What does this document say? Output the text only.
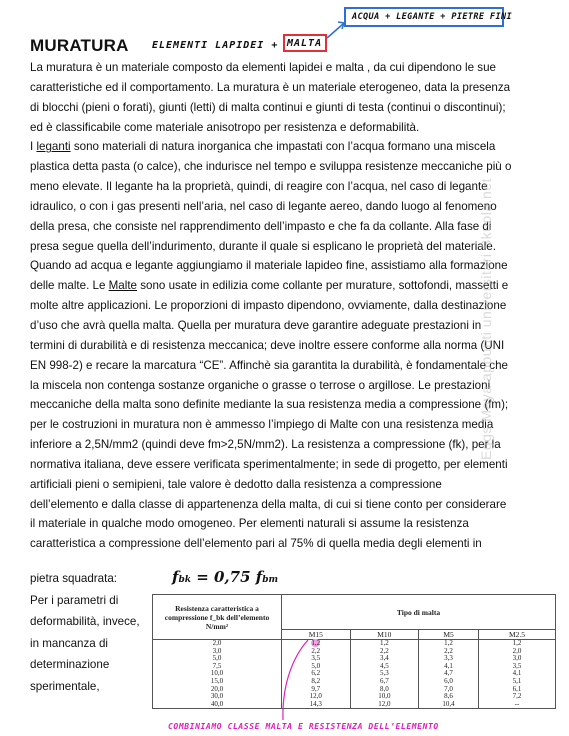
MURATURA ELEMENTI LAPIDEI + MALTA
ACQUA + LEGANTE + PIETRE FINI
La muratura è un materiale composto da elementi lapidei e malta , da cui dipendono le sue
caratteristiche ed il comportamento. La muratura è un materiale eterogeneo, data la presenza
di blocchi (pieni o forati), giunti (letti) di malta continui e giunti di testa (continui o discontinui);
ed è classificabile come materiale anisotropo per resistenza e deformabilità.
I leganti sono materiali di natura inorganica che impastati con l’acqua formano una miscela
plastica detta pasta (o calce), che indurisce nel tempo e sviluppa resistenze meccaniche più o
meno elevate. Il legante ha la proprietà, quindi, di reagire con l’acqua, nel caso di legante
idraulico, o con i gas presenti nell’aria, nel caso di legante aereo, dando luogo al fenomeno
della presa, che consiste nel rapprendimento dell’impasto e che fa da collante. Alla fase di
presa segue quella dell’indurimento, durante il quale si esplicano le proprietà del materiale.
Quando ad acqua e legante aggiungiamo il materiale lapideo fine, assistiamo alla formazione
delle malte. Le Malte sono usate in edilizia come collante per murature, sottofondi, massetti e
molte altre applicazioni. Le proporzioni di impasto dipendono, ovviamente, dalla destinazione
d’uso che avrà quella malta. Quella per muratura deve garantire adeguate prestazioni in
termini di durabilità e di resistenza meccanica; deve inoltre essere conforme alla norma (UNI
EN 998-2) e recare la marcatura “CE”. Affinchè sia garantita la durabilità, è fondamentale che
la miscela non contenga sostanze organiche o grasse o terrose o argillose. Le prestazioni
meccaniche della malta sono definite mediante la sua resistenza media a compressione (fm);
per le costruzioni in muratura non è ammesso l’impiego di Malte con una resistenza media
inferiore a 2,5N/mm2 (quindi deve fm>2,5N/mm2). La resistenza a compressione (fk), per la
normativa italiana, deve essere verificata sperimentalmente; in sede di progetto, per elementi
artificiali pieni o semipieni, tale valore è dedotto dalla resistenza a compressione
dell’elemento e dalla classe di appartenenza della malta, di cui si tiene conto per considerare
il materiale in qualche modo omogeneo. Per elementi naturali si assume la resistenza
caratteristica a compressione dell’elemento pari al 75% di quella media degli elementi in
pietra squadrata:
Per i parametri di
deformabilità, invece,
in mancanza di
determinazione
sperimentale,
fbk = 0,75 fbm
Resistenza caratteristica a compressione f_bk dell’elemento N/mm²	Tipo di malta			
	M15	M10	M5	M2.5
2,0	1,2	1,2	1,2	1,2
3,0	2,2	2,2	2,2	2,0
5,0	3,5	3,4	3,3	3,0
7,5	5,0	4,5	4,1	3,5
10,0	6,2	5,3	4,7	4,1
15,0	8,2	6,7	6,0	5,1
20,0	9,7	8,0	7,0	6,1
30,0	12,0	10,0	8,6	7,2
40,0	14,3	12,0	10,4	--
COMBINIAMO CLASSE MALTA E RESISTENZA DELL’ELEMENTO
Eggs Maya appunti universitari Skuola.net
